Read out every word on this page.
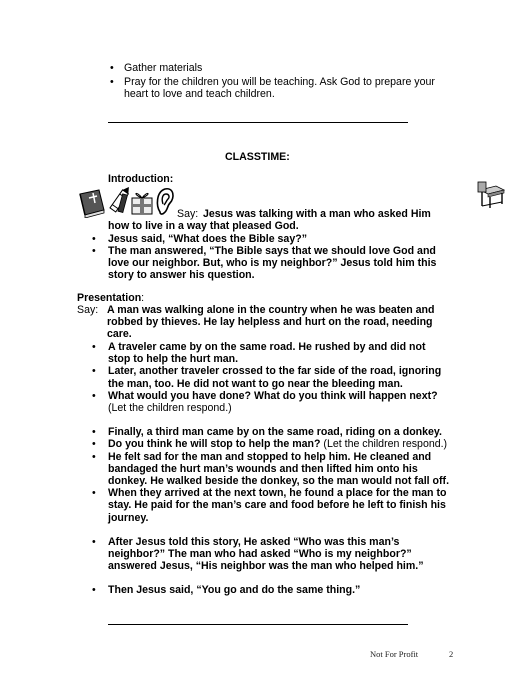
• Gather materials
• Pray for the children you will be teaching. Ask God to prepare your heart to love and teach children.
CLASSTIME:
Introduction:
Say: Jesus was talking with a man who asked Him how to live in a way that pleased God.
• Jesus said, “What does the Bible say?”
• The man answered, “The Bible says that we should love God and love our neighbor. But, who is my neighbor?” Jesus told him this story to answer his question.
Presentation:
Say: A man was walking alone in the country when he was beaten and robbed by thieves. He lay helpless and hurt on the road, needing care.
• A traveler came by on the same road. He rushed by and did not stop to help the hurt man.
• Later, another traveler crossed to the far side of the road, ignoring the man, too. He did not want to go near the bleeding man.
• What would you have done? What do you think will happen next?
(Let the children respond.)
• Finally, a third man came by on the same road, riding on a donkey.
• Do you think he will stop to help the man? (Let the children respond.)
• He felt sad for the man and stopped to help him. He cleaned and bandaged the hurt man’s wounds and then lifted him onto his donkey. He walked beside the donkey, so the man would not fall off.
• When they arrived at the next town, he found a place for the man to stay. He paid for the man’s care and food before he left to finish his journey.
• After Jesus told this story, He asked “Who was this man’s neighbor?” The man who had asked “Who is my neighbor?” answered Jesus, “His neighbor was the man who helped him.”
• Then Jesus said, “You go and do the same thing.”
Not For Profit	2
